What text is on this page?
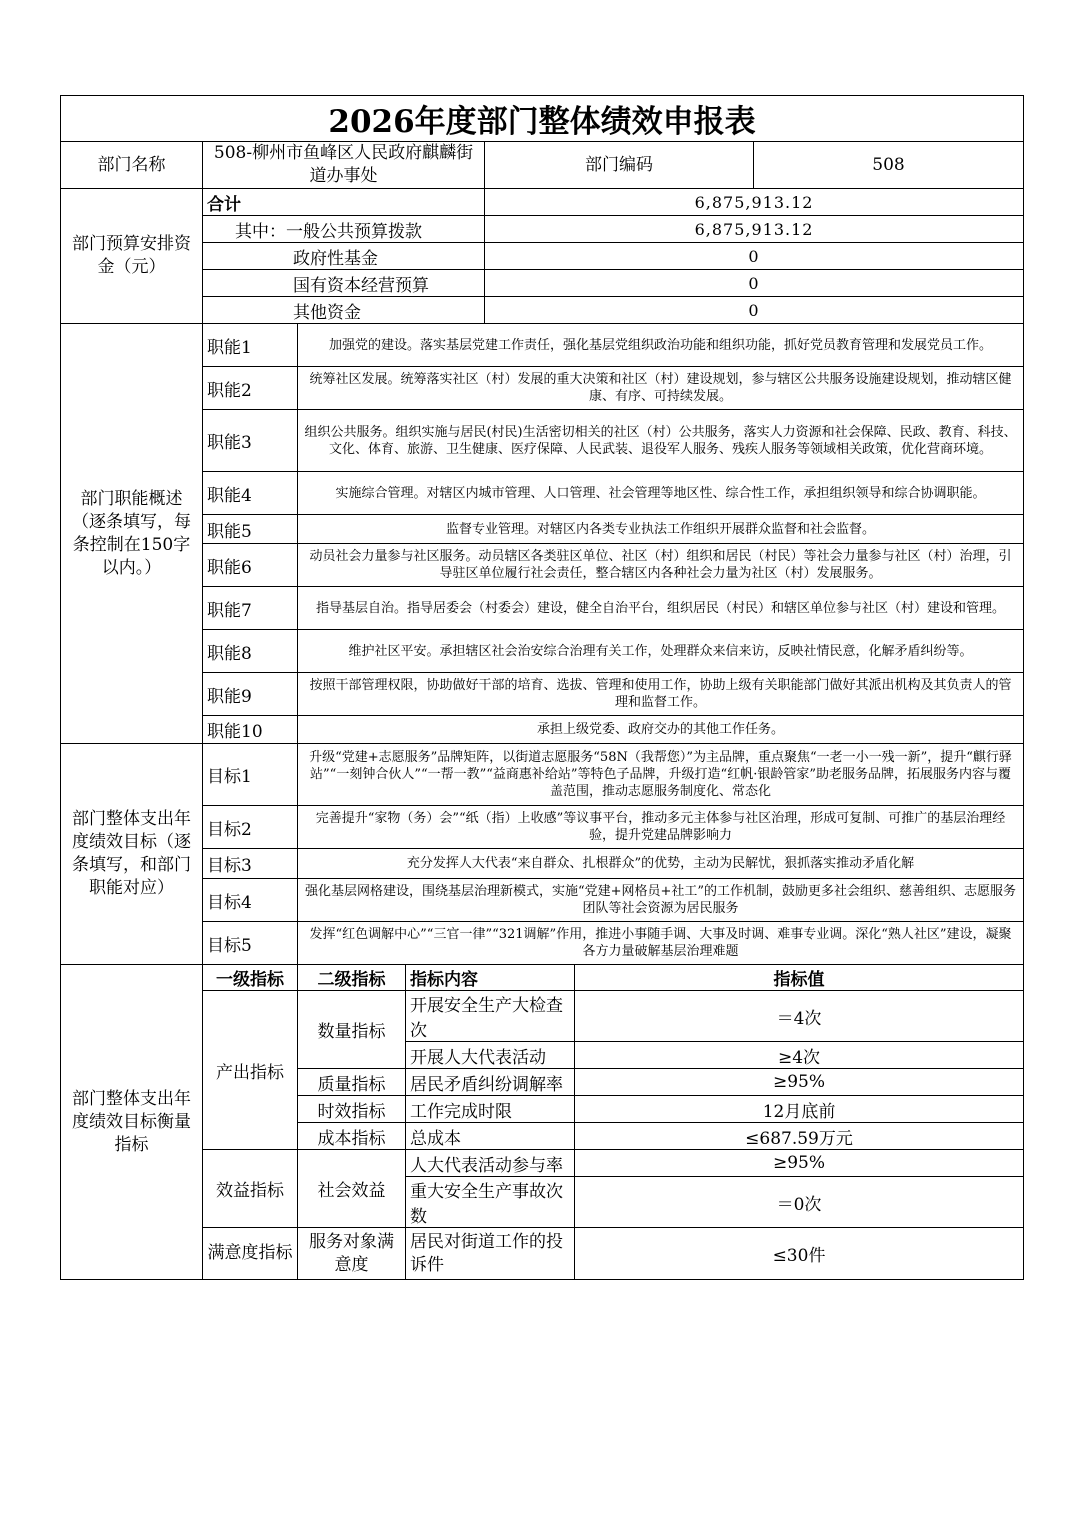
2026年度部门整体绩效申报表						
部门名称	508-柳州市鱼峰区人民政府麒麟街道办事处			部门编码		508
部门预算安排资金（元）	合计			6,875,913.12		
	其中：一般公共预算拨款			6,875,913.12		
	政府性基金			0		
	国有资本经营预算			0		
	其他资金			0		
部门职能概述（逐条填写，每条控制在150字以内。）	职能1	加强党的建设。落实基层党建工作责任，强化基层党组织政治功能和组织功能，抓好党员教育管理和发展党员工作。				
	职能2	统筹社区发展。统筹落实社区（村）发展的重大决策和社区（村）建设规划，参与辖区公共服务设施建设规划，推动辖区健康、有序、可持续发展。				
	职能3	组织公共服务。组织实施与居民(村民)生活密切相关的社区（村）公共服务，落实人力资源和社会保障、民政、教育、科技、文化、体育、旅游、卫生健康、医疗保障、人民武装、退役军人服务、残疾人服务等领域相关政策，优化营商环境。				
	职能4	实施综合管理。对辖区内城市管理、人口管理、社会管理等地区性、综合性工作，承担组织领导和综合协调职能。				
	职能5	监督专业管理。对辖区内各类专业执法工作组织开展群众监督和社会监督。				
	职能6	动员社会力量参与社区服务。动员辖区各类驻区单位、社区（村）组织和居民（村民）等社会力量参与社区（村）治理，引导驻区单位履行社会责任，整合辖区内各种社会力量为社区（村）发展服务。				
	职能7	指导基层自治。指导居委会（村委会）建设，健全自治平台，组织居民（村民）和辖区单位参与社区（村）建设和管理。				
	职能8	维护社区平安。承担辖区社会治安综合治理有关工作，处理群众来信来访，反映社情民意，化解矛盾纠纷等。				
	职能9	按照干部管理权限，协助做好干部的培育、选拔、管理和使用工作，协助上级有关职能部门做好其派出机构及其负责人的管理和监督工作。				
	职能10	承担上级党委、政府交办的其他工作任务。				
部门整体支出年度绩效目标（逐条填写，和部门职能对应）	目标1	升级“党建+志愿服务”品牌矩阵，以街道志愿服务“58N（我帮您）”为主品牌，重点聚焦“一老一小一残一新”，提升“麒行驿站”“一刻钟合伙人”“一帮一教”“益商惠补给站”等特色子品牌，升级打造“红帆·银龄管家”助老服务品牌，拓展服务内容与覆盖范围，推动志愿服务制度化、常态化				
	目标2	完善提升“家物（务）会”“纸（指）上收感”等议事平台，推动多元主体参与社区治理，形成可复制、可推广的基层治理经验，提升党建品牌影响力				
	目标3	充分发挥人大代表“来自群众、扎根群众”的优势，主动为民解忧，狠抓落实推动矛盾化解				
	目标4	强化基层网格建设，围绕基层治理新模式，实施“党建+网格员+社工”的工作机制，鼓励更多社会组织、慈善组织、志愿服务团队等社会资源为居民服务				
	目标5	发挥“红色调解中心”“三官一律”“321调解”作用，推进小事随手调、大事及时调、难事专业调。深化“熟人社区”建设，凝聚各方力量破解基层治理难题				
部门整体支出年度绩效目标衡量指标	一级指标	二级指标	指标内容		指标值	
	产出指标	数量指标	开展安全生产大检查次		＝4次	
			开展人大代表活动		≥4次	
		质量指标	居民矛盾纠纷调解率		≥95%	
		时效指标	工作完成时限		12月底前	
		成本指标	总成本		≤687.59万元	
	效益指标	社会效益	人大代表活动参与率		≥95%	
			重大安全生产事故次数		＝0次	
	满意度指标	服务对象满意度	居民对街道工作的投诉件		≤30件	
